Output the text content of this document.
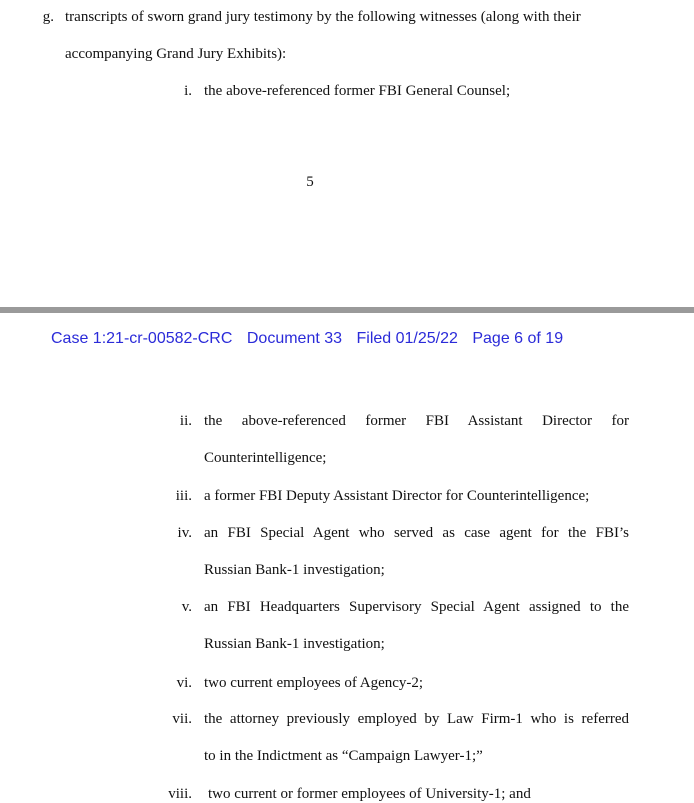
g. transcripts of sworn grand jury testimony by the following witnesses (along with their
accompanying Grand Jury Exhibits):
i. the above-referenced former FBI General Counsel;
5
Case 1:21-cr-00582-CRC Document 33 Filed 01/25/22 Page 6 of 19
ii. the above-referenced former FBI Assistant Director for
Counterintelligence;
iii. a former FBI Deputy Assistant Director for Counterintelligence;
iv. an FBI Special Agent who served as case agent for the FBI’s
Russian Bank-1 investigation;
v. an FBI Headquarters Supervisory Special Agent assigned to the
Russian Bank-1 investigation;
vi. two current employees of Agency-2;
vii. the attorney previously employed by Law Firm-1 who is referred
to in the Indictment as “Campaign Lawyer-1;”
viii. two current or former employees of University-1; and
